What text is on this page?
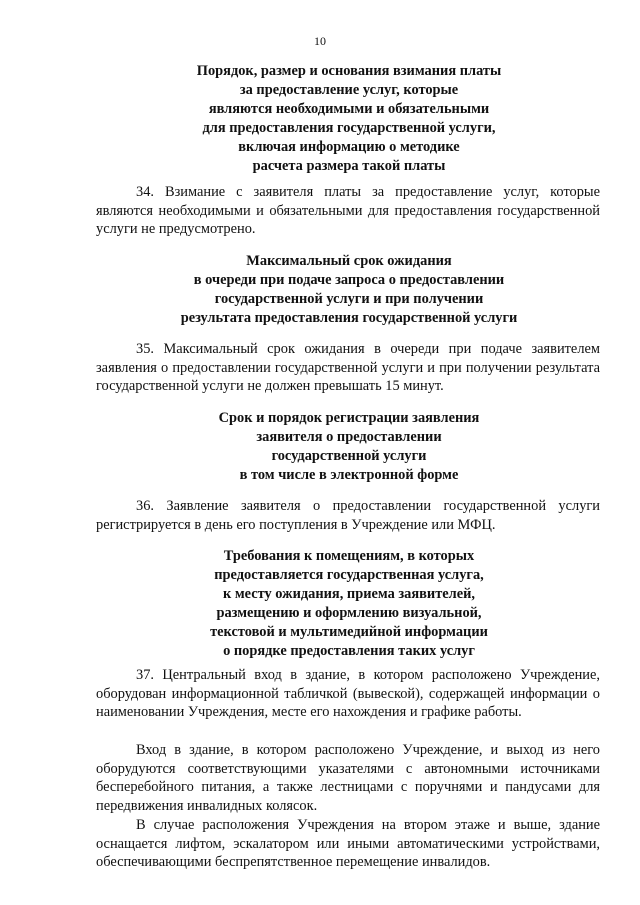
10
Порядок, размер и основания взимания платы
за предоставление услуг, которые
являются необходимыми и обязательными
для предоставления государственной услуги,
включая информацию о методике
расчета размера такой платы

34. Взимание с заявителя платы за предоставление услуг, которые являются необходимыми и обязательными для предоставления государственной услуги не предусмотрено.

Максимальный срок ожидания
в очереди при подаче запроса о предоставлении
государственной услуги и при получении
результата предоставления государственной услуги

35. Максимальный срок ожидания в очереди при подаче заявителем заявления о предоставлении государственной услуги и при получении результата государственной услуги не должен превышать 15 минут.

Срок и порядок регистрации заявления
заявителя о предоставлении
государственной услуги
в том числе в электронной форме

36. Заявление заявителя о предоставлении государственной услуги регистрируется в день его поступления в Учреждение или МФЦ.

Требования к помещениям, в которых
предоставляется государственная услуга,
к месту ожидания, приема заявителей,
размещению и оформлению визуальной,
текстовой и мультимедийной информации
о порядке предоставления таких услуг

37. Центральный вход в здание, в котором расположено Учреждение, оборудован информационной табличкой (вывеской), содержащей информации о наименовании Учреждения, месте его нахождения и графике работы.

Вход в здание, в котором расположено Учреждение, и выход из него оборудуются соответствующими указателями с автономными источниками бесперебойного питания, а также лестницами с поручнями и пандусами для передвижения инвалидных колясок.

В случае расположения Учреждения на втором этаже и выше, здание оснащается лифтом, эскалатором или иными автоматическими устройствами, обеспечивающими беспрепятственное перемещение инвалидов.
